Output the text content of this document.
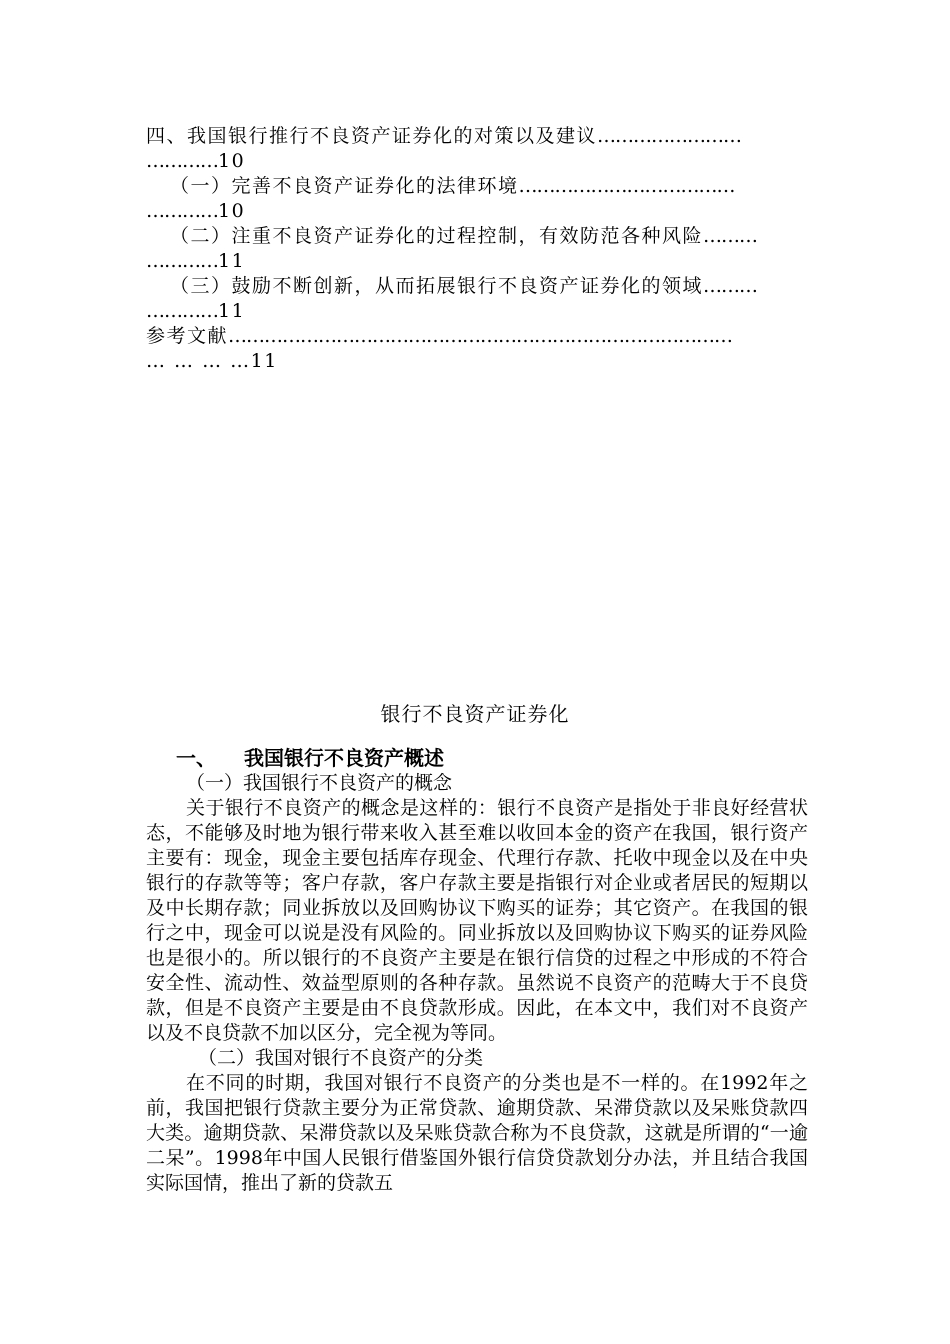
四、我国银行推行不良资产证券化的对策以及建议……………………
…………10
（一）完善不良资产证券化的法律环境………………………………
…………10
（二）注重不良资产证券化的过程控制，有效防范各种风险………
…………11
（三）鼓励不断创新，从而拓展银行不良资产证券化的领域………
…………11
参考文献…………………………………………………………………………
… … … …11
银行不良资产证券化
一、 我国银行不良资产概述
（一）我国银行不良资产的概念

关于银行不良资产的概念是这样的：银行不良资产是指处于非良好经营状态，不能够及时地为银行带来收入甚至难以收回本金的资产在我国，银行资产主要有：现金，现金主要包括库存现金、代理行存款、托收中现金以及在中央银行的存款等等；客户存款，客户存款主要是指银行对企业或者居民的短期以及中长期存款；同业拆放以及回购协议下购买的证券；其它资产。在我国的银行之中，现金可以说是没有风险的。同业拆放以及回购协议下购买的证券风险也是很小的。所以银行的不良资产主要是在银行信贷的过程之中形成的不符合安全性、流动性、效益型原则的各种存款。虽然说不良资产的范畴大于不良贷款，但是不良资产主要是由不良贷款形成。因此，在本文中，我们对不良资产以及不良贷款不加以区分，完全视为等同。

（二）我国对银行不良资产的分类

在不同的时期，我国对银行不良资产的分类也是不一样的。在1992年之前，我国把银行贷款主要分为正常贷款、逾期贷款、呆滞贷款以及呆账贷款四大类。逾期贷款、呆滞贷款以及呆账贷款合称为不良贷款，这就是所谓的“一逾二呆”。1998年中国人民银行借鉴国外银行信贷贷款划分办法，并且结合我国实际国情，推出了新的贷款五
